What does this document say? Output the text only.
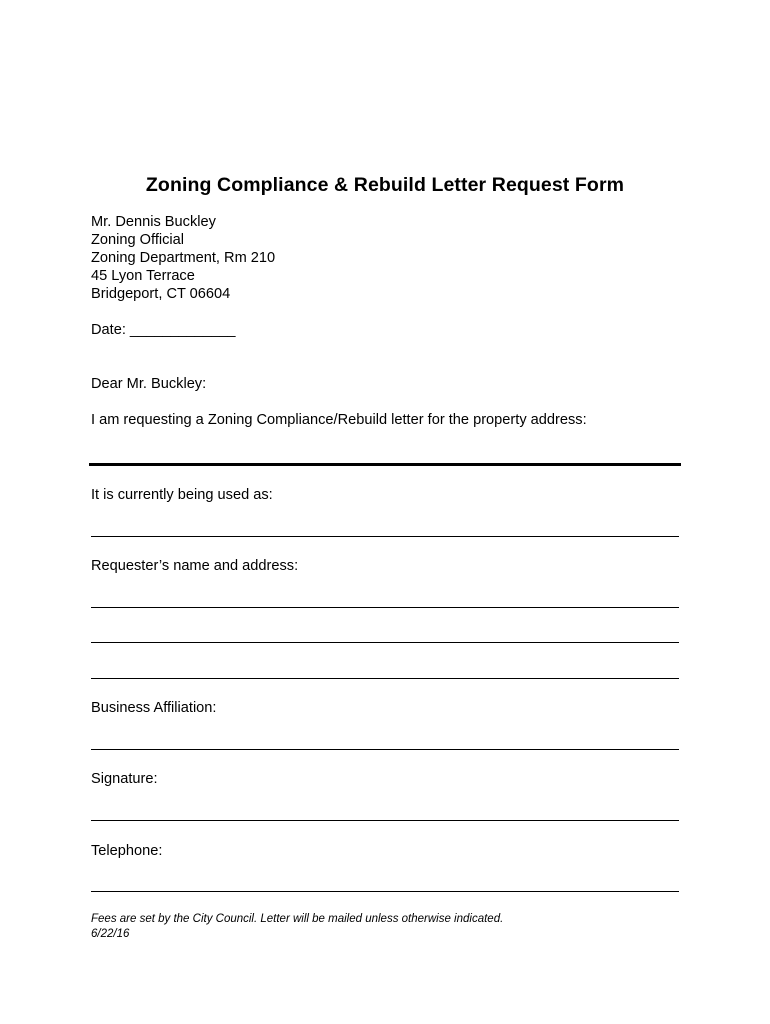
Zoning Compliance & Rebuild Letter Request Form
Mr. Dennis Buckley
Zoning Official
Zoning Department, Rm 210
45 Lyon Terrace
Bridgeport, CT 06604
Date: _____________
Dear Mr. Buckley:
I am requesting a Zoning Compliance/Rebuild letter for the property address:
It is currently being used as:
Requester’s name and address:
Business Affiliation:
Signature:
Telephone:
Fees are set by the City Council. Letter will be mailed unless otherwise indicated.
6/22/16
